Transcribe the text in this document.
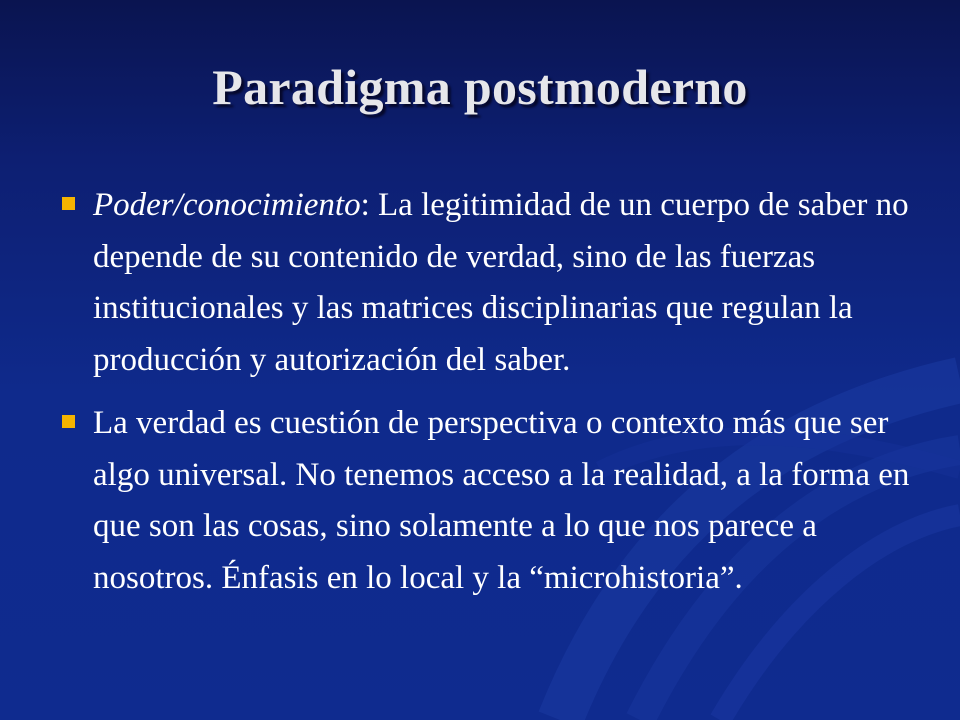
Paradigma postmoderno
Poder/conocimiento: La legitimidad de un cuerpo de saber no depende de su contenido de verdad, sino de las fuerzas institucionales y las matrices disciplinarias que regulan la producción y autorización del saber.
La verdad es cuestión de perspectiva o contexto más que ser algo universal. No tenemos acceso a la realidad, a la forma en que son las cosas, sino solamente a lo que nos parece a nosotros. Énfasis en lo local y la “microhistoria”.
